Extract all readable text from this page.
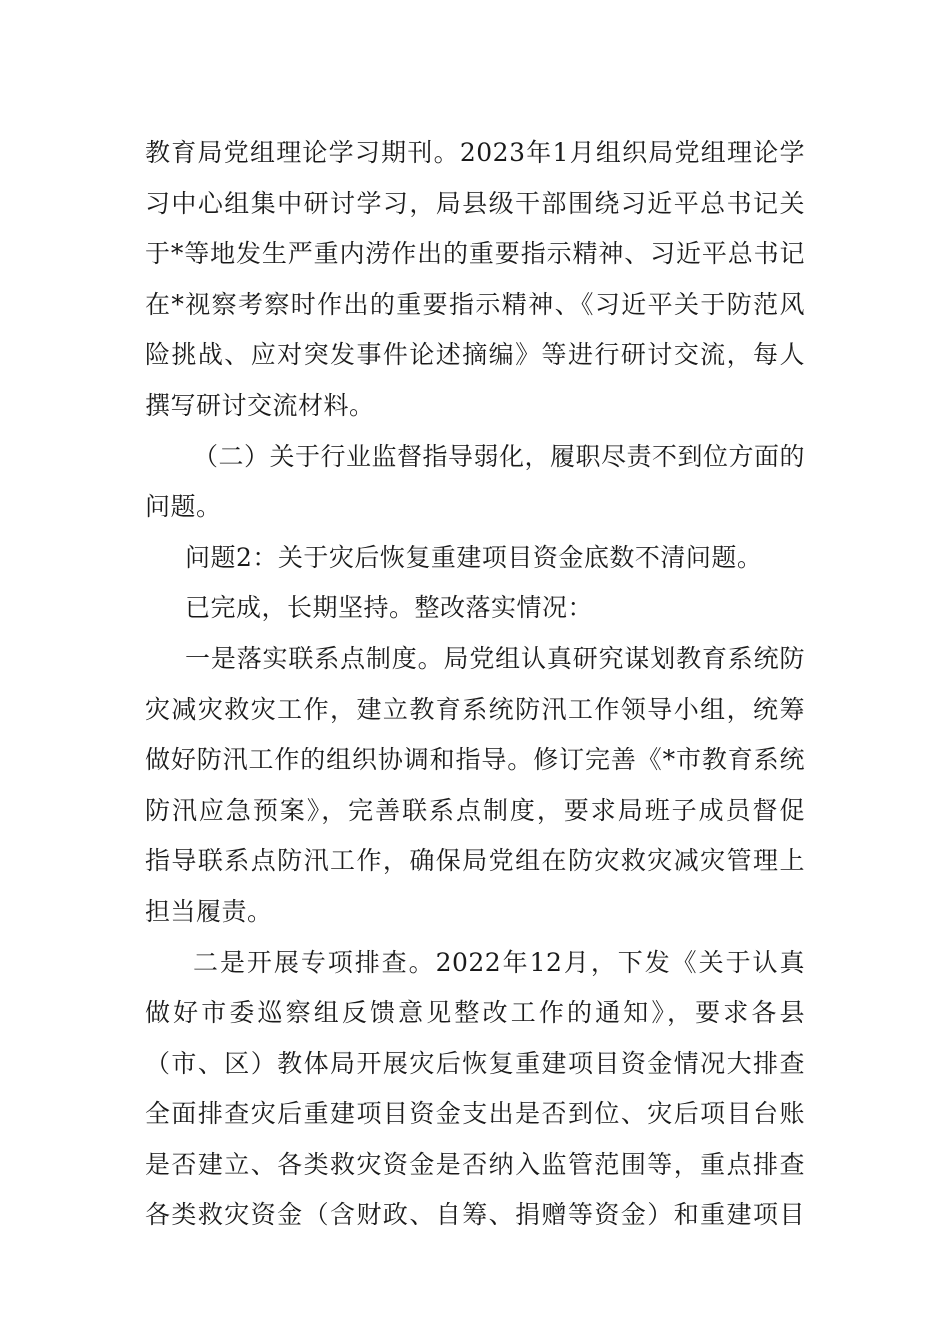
教育局党组理论学习期刊。2023年1月组织局党组理论学
习中心组集中研讨学习，局县级干部围绕习近平总书记关
于*等地发生严重内涝作出的重要指示精神、习近平总书记
在*视察考察时作出的重要指示精神、《习近平关于防范风
险挑战、应对突发事件论述摘编》等进行研讨交流，每人
撰写研讨交流材料。
（二）关于行业监督指导弱化，履职尽责不到位方面的
问题。
问题2：关于灾后恢复重建项目资金底数不清问题。
已完成，长期坚持。整改落实情况：
一是落实联系点制度。局党组认真研究谋划教育系统防
灾减灾救灾工作，建立教育系统防汛工作领导小组，统筹
做好防汛工作的组织协调和指导。修订完善《*市教育系统
防汛应急预案》，完善联系点制度，要求局班子成员督促
指导联系点防汛工作，确保局党组在防灾救灾减灾管理上
担当履责。
二是开展专项排查。2022年12月，下发《关于认真
做好市委巡察组反馈意见整改工作的通知》，要求各县
（市、区）教体局开展灾后恢复重建项目资金情况大排查
全面排查灾后重建项目资金支出是否到位、灾后项目台账
是否建立、各类救灾资金是否纳入监管范围等，重点排查
各类救灾资金（含财政、自筹、捐赠等资金）和重建项目
